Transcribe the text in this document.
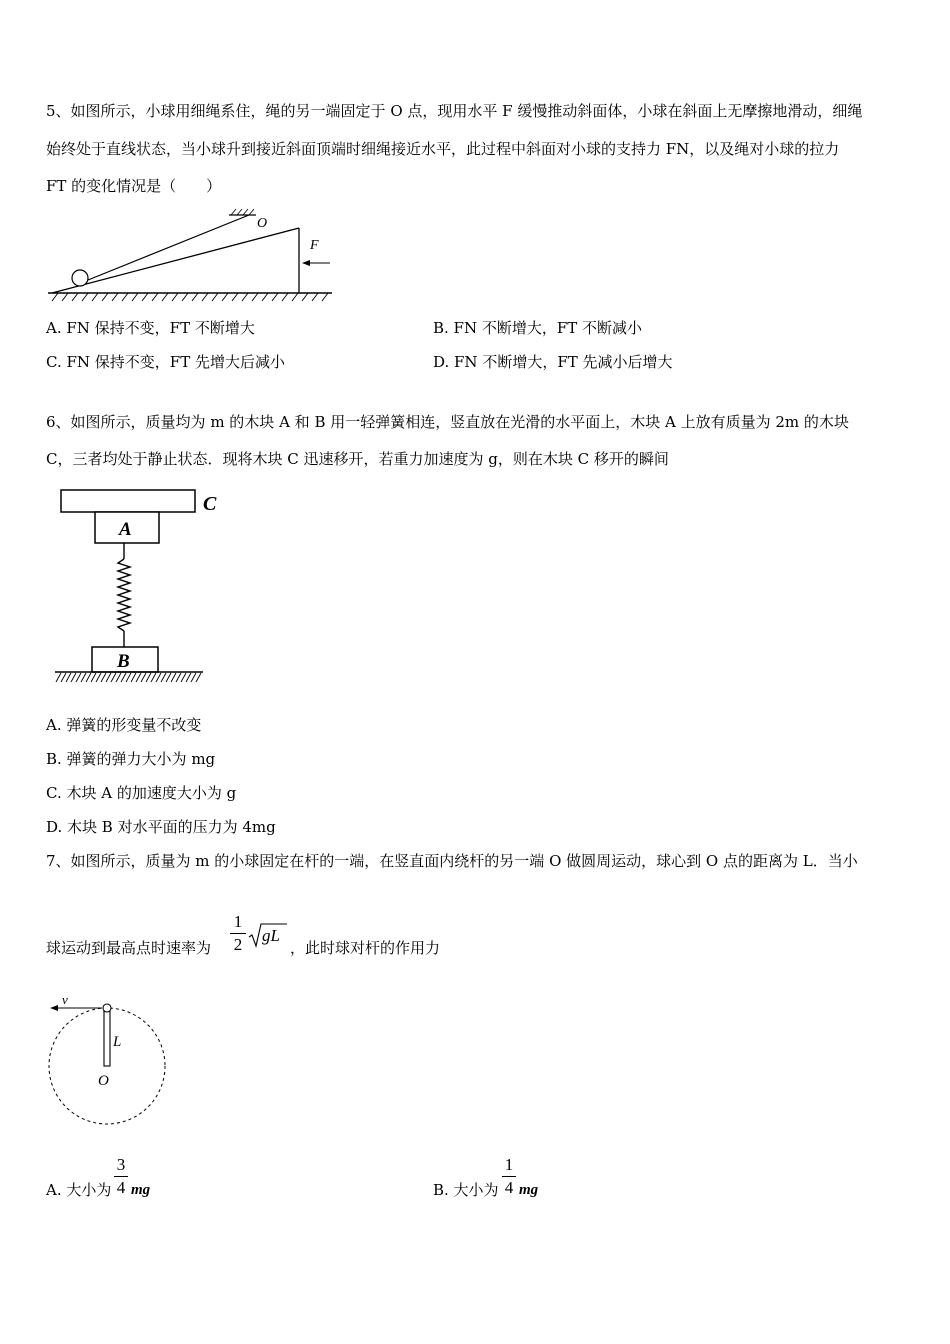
5、如图所示，小球用细绳系住，绳的另一端固定于 O 点，现用水平 F 缓慢推动斜面体，小球在斜面上无摩擦地滑动，细绳
始终处于直线状态，当小球升到接近斜面顶端时细绳接近水平，此过程中斜面对小球的支持力 FN，以及绳对小球的拉力
FT 的变化情况是（　　）
O
F
A. FN 保持不变，FT 不断增大	B. FN 不断增大，FT 不断减小
C. FN 保持不变，FT 先增大后减小	D. FN 不断增大，FT 先减小后增大
6、如图所示，质量均为 m 的木块 A 和 B 用一轻弹簧相连，竖直放在光滑的水平面上，木块 A 上放有质量为 2m 的木块
C，三者均处于静止状态．现将木块 C 迅速移开，若重力加速度为 g，则在木块 C 移开的瞬间
C
A
B
A. 弹簧的形变量不改变
B. 弹簧的弹力大小为 mg
C. 木块 A 的加速度大小为 g
D. 木块 B 对水平面的压力为 4mg
7、如图所示，质量为 m 的小球固定在杆的一端，在竖直面内绕杆的另一端 O 做圆周运动，球心到 O 点的距离为 L．当小
球运动到最高点时速率为
1
2 gL
，此时球对杆的作用力
v
L
O
A. 大小为
3
4 mg	B. 大小为
1
4 mg
